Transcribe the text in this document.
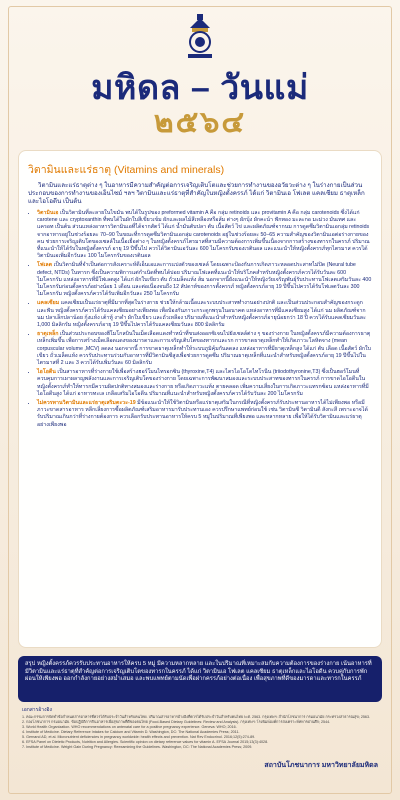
มหิดล – วันแม่
๒๕๖๔
วิตามินและแร่ธาตุ (Vitamins and minerals)

วิตามินและแร่ธาตุต่าง ๆ ในอาหารมีความสำคัญต่อการเจริญเติบโตและช่วยการทำงานของอวัยวะต่าง ๆ ในร่างกายเป็นส่วนประกอบของการทำงานของเอ็นไซม์ ฯลฯ วิตามินและแร่ธาตุที่สำคัญในหญิงตั้งครรภ์ ได้แก่ วิตามินเอ โฟเลต แคลเซียม ธาตุเหล็กและไอโอดีน เป็นต้น

• วิตามินเอ เป็นวิตามินที่ละลายในไขมัน พบได้ในรูปของ preformed vitamin A คือ กลุ่ม retinoids และ provitamin A คือ กลุ่ม carotenoids ซึ่งได้แก่ carotene และ cryptoxanthin ที่พบได้ในผักใบสีเขียวเข้ม ผักและผลไม้สีเหลืองหรือส้ม ต่างๆ ผักบุ้ง ผักคะน้า ฟักทอง มะละกอ มะม่วง มันเทศ และแครอท เป็นต้น ส่วนแหล่งอาหารวิตามินเอที่ได้จากสัตว์ ได้แก่ น้ำมันตับปลา ตับ เนื้อสัตว์ ไข่ และผลิตภัณฑ์จากนม การดูดซึมวิตามินเอกลุ่ม retinoids จากอาหารอยู่ในช่วงร้อยละ 70–90 ในขณะที่การดูดซึมวิตามินเอกลุ่ม carotenoids อยู่ในช่วงร้อยละ 50–65 ความสำคัญของวิตามินเอต่อร่างกายของคน ช่วยการเจริญเติบโตของเซลล์ในเนื้อเยื่อต่าง ๆ ในหญิงตั้งครรภ์ไตรมาสที่สามมีความต้องการเพิ่มขึ้นเนื่องจากการสร้างของทารกในครรภ์ ปริมาณที่แนะนำให้ได้รับในหญิงตั้งครรภ์ อายุ 19 ปีขึ้นไป ควรได้วิตามินเอวันละ 600 ไมโครกรัมของเรตินอล และแนะนำให้หญิงตั้งครรภ์ทุกไตรมาส ควรได้วิตามินเอเพิ่มอีกวันละ 100 ไมโครกรัมของเรตินอล
• โฟเลต เป็นวิตามินที่จำเป็นต่อการสังเคราะห์ดีเอ็นเอและการแบ่งตัวของเซลล์ โดยเฉพาะป้องกันการเกิดภาวะหลอดประสาทไม่ปิด (Neural tube defect, NTDs) ในทารก ซึ่งเป็นความพิการแต่กำเนิดที่พบได้บ่อย ปริมาณโฟเลตที่แนะนำให้บริโภคสำหรับหญิงตั้งครรภ์ควรได้รับวันละ 600 ไมโครกรัม แหล่งอาหารที่มีโฟเลตสูง ได้แก่ ผักใบเขียว ตับ ถั่วเมล็ดแห้ง ส้ม นอกจากนี้ยังแนะนำให้หญิงวัยเจริญพันธุ์รับประทานโฟเลตเสริมวันละ 400 ไมโครกรัมก่อนตั้งครรภ์อย่างน้อย 1 เดือน และต่อเนื่องจนถึง 12 สัปดาห์ของการตั้งครรภ์ หญิงตั้งครรภ์อายุ 19 ปีขึ้นไปควรได้รับโฟเลตวันละ 300 ไมโครกรัม หญิงตั้งครรภ์ควรได้รับเพิ่มอีกวันละ 250 ไมโครกรัม
• แคลเซียม แคลเซียมเป็นแร่ธาตุที่มีมากที่สุดในร่างกาย ช่วยให้กล้ามเนื้อและระบบประสาททำงานอย่างปกติ และเป็นส่วนประกอบสำคัญของกระดูกและฟัน หญิงตั้งครรภ์ควรได้รับแคลเซียมอย่างเพียงพอ เพื่อป้องกันภาวะกระดูกพรุนในอนาคต แหล่งอาหารที่มีแคลเซียมสูง ได้แก่ นม ผลิตภัณฑ์จากนม ปลาเล็กปลาน้อย กุ้งแห้ง เต้าหู้ งาดำ ผักใบเขียว และถั่วเหลือง ปริมาณที่แนะนำสำหรับหญิงตั้งครรภ์อายุน้อยกว่า 18 ปี ควรได้รับแคลเซียมวันละ 1,000 มิลลิกรัม หญิงตั้งครรภ์อายุ 19 ปีขึ้นไปควรได้รับแคลเซียมวันละ 800 มิลลิกรัม
• ธาตุเหล็ก เป็นส่วนประกอบของฮีโมโกลบินในเม็ดเลือดแดงทำหน้าที่ขนส่งออกซิเจนไปยังเซลล์ต่าง ๆ ของร่างกาย ในหญิงตั้งครรภ์มีความต้องการธาตุเหล็กเพิ่มขึ้น เพื่อการสร้างเม็ดเลือดแดงของมารดาและการเจริญเติบโตของทารกและรก การขาดธาตุเหล็กทำให้เกิดภาวะโลหิตจาง (mean corpuscular volume ,MCV) ลดลง นอกจากนี้ การขาดธาตุเหล็กทำให้ระบบภูมิคุ้มกันลดลง แหล่งอาหารที่มีธาตุเหล็กสูง ได้แก่ ตับ เลือด เนื้อสัตว์ ผักใบเขียว ถั่วเมล็ดแห้ง ควรรับประทานร่วมกับอาหารที่มีวิตามินซีสูงเพื่อช่วยการดูดซึม ปริมาณธาตุเหล็กที่แนะนำสำหรับหญิงตั้งครรภ์อายุ 19 ปีขึ้นไปในไตรมาสที่ 2 และ 3 ควรได้รับเพิ่มวันละ 60 มิลลิกรัม
• ไอโอดีน เป็นสารอาหารที่ร่างกายใช้เพื่อสร้างฮอร์โมนไทรอกซิน (thyroxine,T4) และไตรไอโอโดไทโรนีน (triiodothyronine,T3) ซึ่งเป็นฮอร์โมนที่ควบคุมการเผาผลาญพลังงานและการเจริญเติบโตของร่างกาย โดยเฉพาะการพัฒนาสมองและระบบประสาทของทารกในครรภ์ การขาดไอโอดีนในหญิงตั้งครรภ์ทำให้ทารกมีความผิดปกติทางสมองและร่างกาย หรือเกิดภาวะแท้ง ตายคลอด เพิ่มความเสี่ยงในการเกิดภาวะแทรกซ้อน แหล่งอาหารที่มีไอโอดีนสูง ได้แก่ อาหารทะเล เกลือเสริมไอโอดีน ปริมาณที่แนะนำสำหรับหญิงตั้งครรภ์ควรได้รับวันละ 200 ไมโครกรัม
• ไม่ควรทานวิตามินและแร่ธาตุเสริมตะวะ-19 มีข้อแนะนำให้ใช้วิตามินหรือแร่ธาตุเสริมในกรณีที่หญิงตั้งครรภ์รับประทานอาหารได้ไม่เพียงพอ หรือมีภาวะขาดสารอาหาร หลีกเลี่ยงการซื้อผลิตภัณฑ์เสริมอาหารมารับประทานเอง ควรปรึกษาแพทย์ก่อนใช้ เช่น วิตามินซี วิตามินดี สังกะสี เพราะอาจได้รับปริมาณเกินกว่าที่ร่างกายต้องการ ควรเลือกรับประทานอาหารให้ครบ 5 หมู่ในปริมาณที่เพียงพอ และหลากหลาย เพื่อให้ได้รับวิตามินและแร่ธาตุอย่างเพียงพอ
สรุป หญิงตั้งครรภ์ควรรับประทานอาหารให้ครบ 5 หมู่ มีความหลากหลาย และในปริมาณที่เหมาะสมกับความต้องการของร่างกาย เน้นอาหารที่มีวิตามินและแร่ธาตุที่สำคัญต่อการเจริญเติบโตของทารกในครรภ์ ได้แก่ วิตามินเอ โฟเลต แคลเซียม ธาตุเหล็กและไอโอดีน ควบคู่กับการพักผ่อนให้เพียงพอ ออกกำลังกายอย่างสม่ำเสมอ และพบแพทย์ตามนัดเพื่อฝากครรภ์อย่างต่อเนื่อง เพื่อสุขภาพที่ดีของมารดาและทารกในครรภ์
เอกสารอ้างอิง

1. คณะกรรมการจัดทำข้อกำหนดสารอาหารที่ควรได้รับประจำวันสำหรับคนไทย. ปริมาณสารอาหารอ้างอิงที่ควรได้รับประจำวันสำหรับคนไทย พ.ศ. 2563. กรุงเทพฯ: สำนักโภชนาการ กรมอนามัย กระทรวงสาธารณสุข; 2563.

2. กองโภชนาการ กรมอนามัย. ข้อปฏิบัติการกินอาหารเพื่อสุขภาพที่ดีของคนไทย (Food-Based Dietary Guidelines: Review and Analysis). กรุงเทพฯ: โรงพิมพ์องค์การสงเคราะห์ทหารผ่านศึก; 2544.

3. World Health Organization. WHO recommendations on antenatal care for a positive pregnancy experience. Geneva: WHO; 2016.

4. Institute of Medicine. Dietary Reference Intakes for Calcium and Vitamin D. Washington, DC: The National Academies Press; 2011.

5. Gernand AD, et al. Micronutrient deficiencies in pregnancy worldwide: health effects and prevention. Nat Rev Endocrinol. 2016;12(5):274-89.

6. EFSA Panel on Dietetic Products, Nutrition and Allergies. Scientific opinion on dietary reference values for vitamin A. EFSA Journal 2015;13(3):4028.

7. Institute of Medicine. Weight Gain During Pregnancy: Reexamining the Guidelines. Washington, DC: The National Academies Press; 2009.

สถาบันโภชนาการ มหาวิทยาลัยมหิดล
